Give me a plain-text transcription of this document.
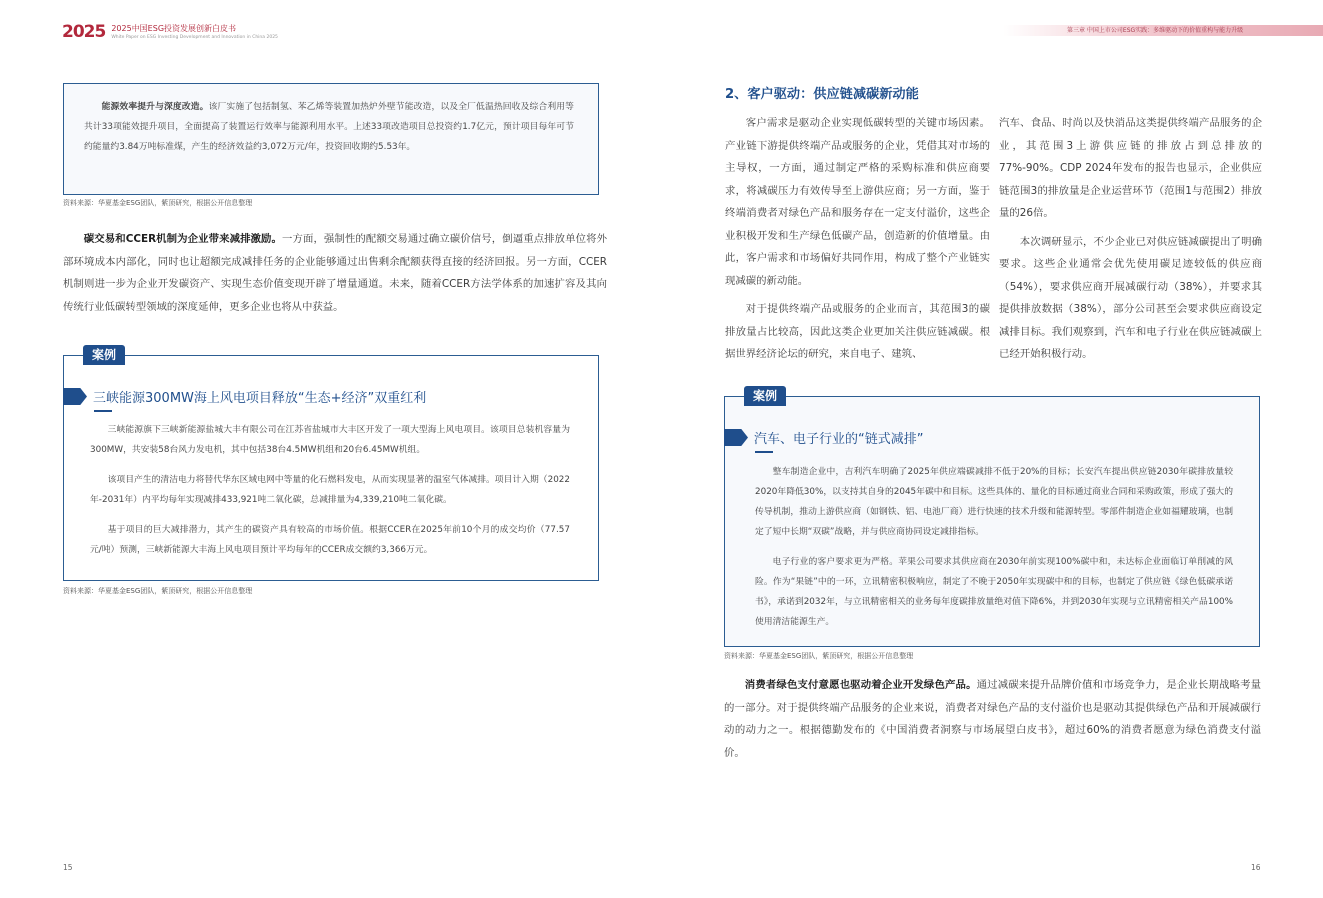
2025 2025中国ESG投资发展创新白皮书
White Paper on ESG Investing Development and Innovation in China 2025
第三章 中国上市公司ESG实践：多维驱动下的价值重构与能力升级
能源效率提升与深度改造。该厂实施了包括制氢、苯乙烯等装置加热炉外壁节能改造，以及全厂低温热回收及综合利用等共计33项能效提升项目，全面提高了装置运行效率与能源利用水平。上述33项改造项目总投资约1.7亿元，预计项目每年可节约能量约3.84万吨标准煤，产生的经济效益约3,072万元/年，投资回收期约5.53年。
资料来源：华夏基金ESG团队，紫顶研究，根据公开信息整理
碳交易和CCER机制为企业带来减排激励。一方面，强制性的配额交易通过确立碳价信号，倒逼重点排放单位将外部环境成本内部化，同时也让超额完成减排任务的企业能够通过出售剩余配额获得直接的经济回报。另一方面，CCER机制则进一步为企业开发碳资产、实现生态价值变现开辟了增量通道。未来，随着CCER方法学体系的加速扩容及其向传统行业低碳转型领域的深度延伸，更多企业也将从中获益。
案例
三峡能源300MW海上风电项目释放“生态+经济”双重红利

三峡能源旗下三峡新能源盐城大丰有限公司在江苏省盐城市大丰区开发了一项大型海上风电项目。该项目总装机容量为300MW，共安装58台风力发电机，其中包括38台4.5MW机组和20台6.45MW机组。

该项目产生的清洁电力将替代华东区域电网中等量的化石燃料发电，从而实现显著的温室气体减排。项目计入期（2022年-2031年）内平均每年实现减排433,921吨二氧化碳，总减排量为4,339,210吨二氧化碳。

基于项目的巨大减排潜力，其产生的碳资产具有较高的市场价值。根据CCER在2025年前10个月的成交均价（77.57元/吨）预测，三峡新能源大丰海上风电项目预计平均每年的CCER成交额约3,366万元。

资料来源：华夏基金ESG团队，紫顶研究，根据公开信息整理
15
2、客户驱动：供应链减碳新动能

客户需求是驱动企业实现低碳转型的关键市场因素。产业链下游提供终端产品或服务的企业，凭借其对市场的主导权，一方面，通过制定严格的采购标准和供应商要求，将减碳压力有效传导至上游供应商；另一方面，鉴于终端消费者对绿色产品和服务存在一定支付溢价，这些企业积极开发和生产绿色低碳产品，创造新的价值增量。由此，客户需求和市场偏好共同作用，构成了整个产业链实现减碳的新动能。

对于提供终端产品或服务的企业而言，其范围3的碳排放量占比较高，因此这类企业更加关注供应链减碳。根据世界经济论坛的研究，来自电子、建筑、

汽车、食品、时尚以及快消品这类提供终端产品服务的企业，其范围3上游供应链的排放占到总排放的77%-90%。CDP 2024年发布的报告也显示，企业供应链范围3的排放量是企业运营环节（范围1与范围2）排放量的26倍。

本次调研显示，不少企业已对供应链减碳提出了明确要求。这些企业通常会优先使用碳足迹较低的供应商（54%），要求供应商开展减碳行动（38%），并要求其提供排放数据（38%），部分公司甚至会要求供应商设定减排目标。我们观察到，汽车和电子行业在供应链减碳上已经开始积极行动。

案例
汽车、电子行业的“链式减排”

整车制造企业中，吉利汽车明确了2025年供应端碳减排不低于20%的目标；长安汽车提出供应链2030年碳排放量较2020年降低30%，以支持其自身的2045年碳中和目标。这些具体的、量化的目标通过商业合同和采购政策，形成了强大的传导机制，推动上游供应商（如钢铁、铝、电池厂商）进行快速的技术升级和能源转型。零部件制造企业如福耀玻璃，也制定了短中长期“双碳”战略，并与供应商协同设定减排指标。

电子行业的客户要求更为严格。苹果公司要求其供应商在2030年前实现100%碳中和，未达标企业面临订单削减的风险。作为“果链”中的一环，立讯精密积极响应，制定了不晚于2050年实现碳中和的目标，也制定了供应链《绿色低碳承诺书》，承诺到2032年，与立讯精密相关的业务每年度碳排放量绝对值下降6%，并到2030年实现与立讯精密相关产品100%使用清洁能源生产。

资料来源：华夏基金ESG团队，紫顶研究，根据公开信息整理
消费者绿色支付意愿也驱动着企业开发绿色产品。通过减碳来提升品牌价值和市场竞争力，是企业长期战略考量的一部分。对于提供终端产品服务的企业来说，消费者对绿色产品的支付溢价也是驱动其提供绿色产品和开展减碳行动的动力之一。根据德勤发布的《中国消费者洞察与市场展望白皮书》，超过60%的消费者愿意为绿色消费支付溢价。
16
